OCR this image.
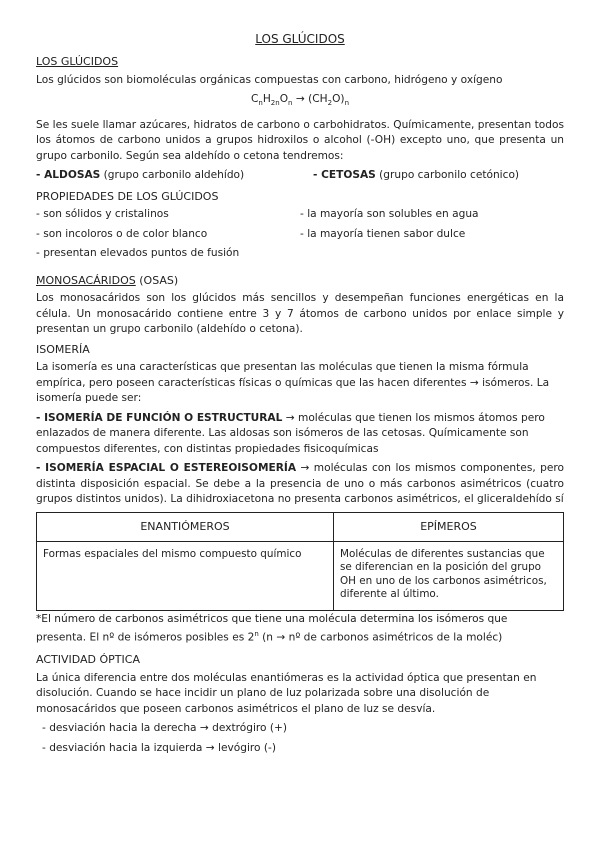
LOS GLÚCIDOS
LOS GLÚCIDOS

Los glúcidos son biomoléculas orgánicas compuestas con carbono, hidrógeno y oxígeno

$C_nH_{2n}O_n \to (CH_2O)_n$

Se les suele llamar azúcares, hidratos de carbono o carbohidratos. Químicamente, presentan todos los átomos de carbono unidos a grupos hidroxilos o alcohol (-OH) excepto uno, que presenta un grupo carbonilo. Según sea aldehído o cetona tendremos:

- ALDOSAS (grupo carbonilo aldehído)	- CETOSAS (grupo carbonilo cetónico)
PROPIEDADES DE LOS GLÚCIDOS
- son sólidos y cristalinos
- son incoloros o de color blanco
- presentan elevados puntos de fusión
- la mayoría son solubles en agua
- la mayoría tienen sabor dulce
MONOSACÁRIDOS (OSAS)

Los monosacáridos son los glúcidos más sencillos y desempeñan funciones energéticas en la célula. Un monosacárido contiene entre 3 y 7 átomos de carbono unidos por enlace simple y presentan un grupo carbonilo (aldehído o cetona).

ISOMERÍA

La isomería es una características que presentan las moléculas que tienen la misma fórmula empírica, pero poseen características físicas o químicas que las hacen diferentes → isómeros. La isomería puede ser:

- ISOMERÍA DE FUNCIÓN O ESTRUCTURAL → moléculas que tienen los mismos átomos pero enlazados de manera diferente. Las aldosas son isómeros de las cetosas. Químicamente son compuestos diferentes, con distintas propiedades fisicoquímicas

- ISOMERÍA ESPACIAL O ESTEREOISOMERÍA → moléculas con los mismos componentes, pero distinta disposición espacial. Se debe a la presencia de uno o más carbonos asimétricos (cuatro grupos distintos unidos). La dihidroxiacetona no presenta carbonos asimétricos, el gliceraldehído sí

ENANTIÓMEROS	EPÍMEROS
Formas espaciales del mismo compuesto químico	Moléculas de diferentes sustancias que se diferencian en la posición del grupo OH en uno de los carbonos asimétricos, diferente al último.

*El número de carbonos asimétricos que tiene una molécula determina los isómeros que
presenta. El nº de isómeros posibles es 2$^n$ (n → nº de carbonos asimétricos de la moléc)

ACTIVIDAD ÓPTICA

La única diferencia entre dos moléculas enantiómeras es la actividad óptica que presentan en disolución. Cuando se hace incidir un plano de luz polarizada sobre una disolución de monosacáridos que poseen carbonos asimétricos el plano de luz se desvía.

- desviación hacia la derecha → dextrógiro (+)
- desviación hacia la izquierda → levógiro (-)
